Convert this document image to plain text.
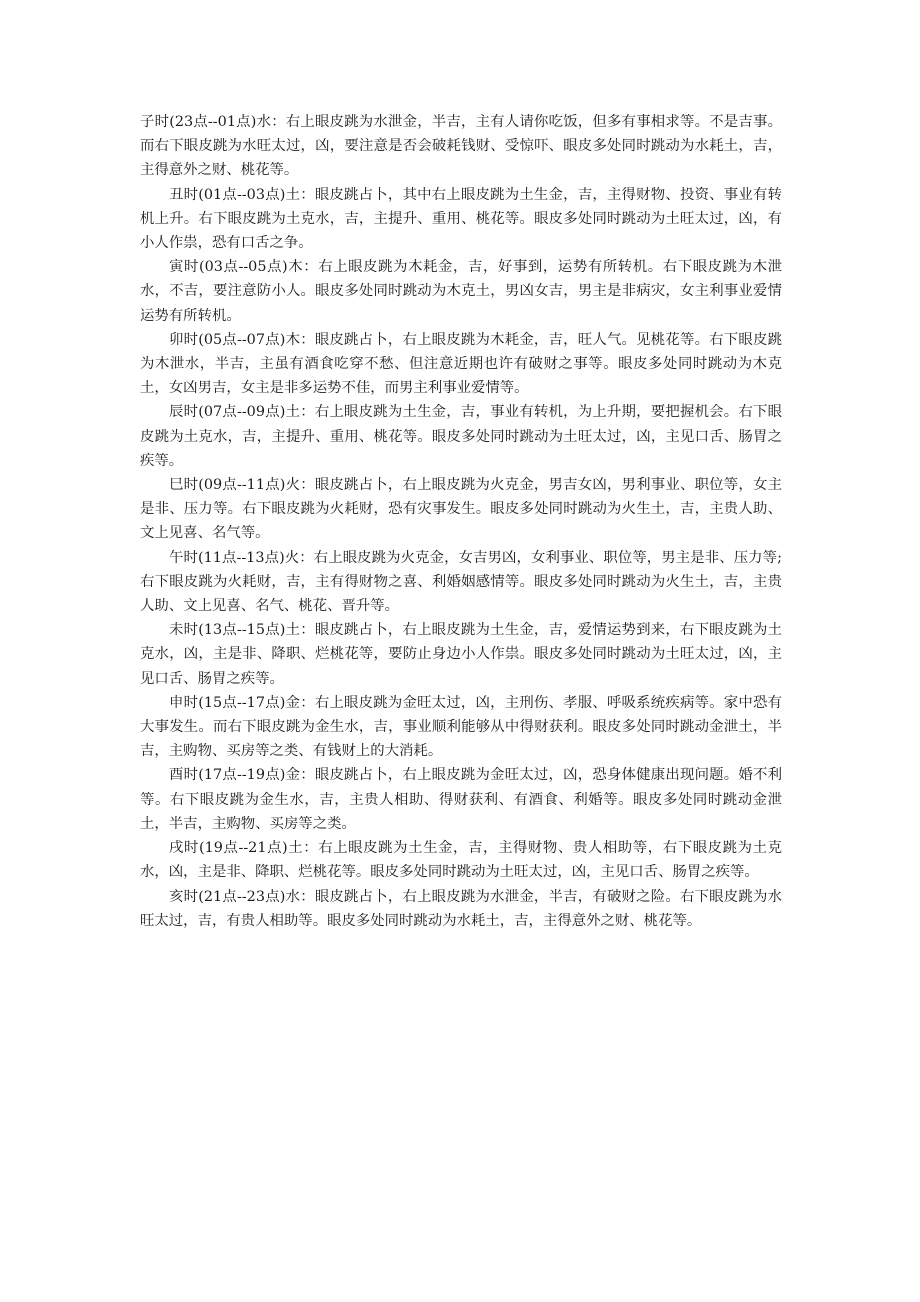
子时(23点--01点)水：右上眼皮跳为水泄金，半吉，主有人请你吃饭，但多有事相求等。不是吉事。而右下眼皮跳为水旺太过，凶，要注意是否会破耗钱财、受惊吓、眼皮多处同时跳动为水耗土，吉，主得意外之财、桃花等。

丑时(01点--03点)土：眼皮跳占卜，其中右上眼皮跳为土生金，吉，主得财物、投资、事业有转机上升。右下眼皮跳为土克水，吉，主提升、重用、桃花等。眼皮多处同时跳动为土旺太过，凶，有小人作祟，恐有口舌之争。

寅时(03点--05点)木：右上眼皮跳为木耗金，吉，好事到，运势有所转机。右下眼皮跳为木泄水，不吉，要注意防小人。眼皮多处同时跳动为木克土，男凶女吉，男主是非病灾，女主利事业爱情运势有所转机。

卯时(05点--07点)木：眼皮跳占卜，右上眼皮跳为木耗金，吉，旺人气。见桃花等。右下眼皮跳为木泄水，半吉，主虽有酒食吃穿不愁、但注意近期也许有破财之事等。眼皮多处同时跳动为木克土，女凶男吉，女主是非多运势不佳，而男主利事业爱情等。

辰时(07点--09点)土：右上眼皮跳为土生金，吉，事业有转机，为上升期，要把握机会。右下眼皮跳为土克水，吉，主提升、重用、桃花等。眼皮多处同时跳动为土旺太过，凶，主见口舌、肠胃之疾等。

巳时(09点--11点)火：眼皮跳占卜，右上眼皮跳为火克金，男吉女凶，男利事业、职位等，女主是非、压力等。右下眼皮跳为火耗财，恐有灾事发生。眼皮多处同时跳动为火生土，吉，主贵人助、文上见喜、名气等。

午时(11点--13点)火：右上眼皮跳为火克金，女吉男凶，女利事业、职位等，男主是非、压力等;右下眼皮跳为火耗财，吉，主有得财物之喜、利婚姻感情等。眼皮多处同时跳动为火生土，吉，主贵人助、文上见喜、名气、桃花、晋升等。

未时(13点--15点)土：眼皮跳占卜，右上眼皮跳为土生金，吉，爱情运势到来，右下眼皮跳为土克水，凶，主是非、降职、烂桃花等，要防止身边小人作祟。眼皮多处同时跳动为土旺太过，凶，主见口舌、肠胃之疾等。

申时(15点--17点)金：右上眼皮跳为金旺太过，凶，主刑伤、孝服、呼吸系统疾病等。家中恐有大事发生。而右下眼皮跳为金生水，吉，事业顺利能够从中得财获利。眼皮多处同时跳动金泄土，半吉，主购物、买房等之类、有钱财上的大消耗。

酉时(17点--19点)金：眼皮跳占卜，右上眼皮跳为金旺太过，凶，恐身体健康出现问题。婚不利等。右下眼皮跳为金生水，吉，主贵人相助、得财获利、有酒食、利婚等。眼皮多处同时跳动金泄土，半吉，主购物、买房等之类。

戌时(19点--21点)土：右上眼皮跳为土生金，吉，主得财物、贵人相助等，右下眼皮跳为土克水，凶，主是非、降职、烂桃花等。眼皮多处同时跳动为土旺太过，凶，主见口舌、肠胃之疾等。

亥时(21点--23点)水：眼皮跳占卜，右上眼皮跳为水泄金，半吉，有破财之险。右下眼皮跳为水旺太过，吉，有贵人相助等。眼皮多处同时跳动为水耗土，吉，主得意外之财、桃花等。
